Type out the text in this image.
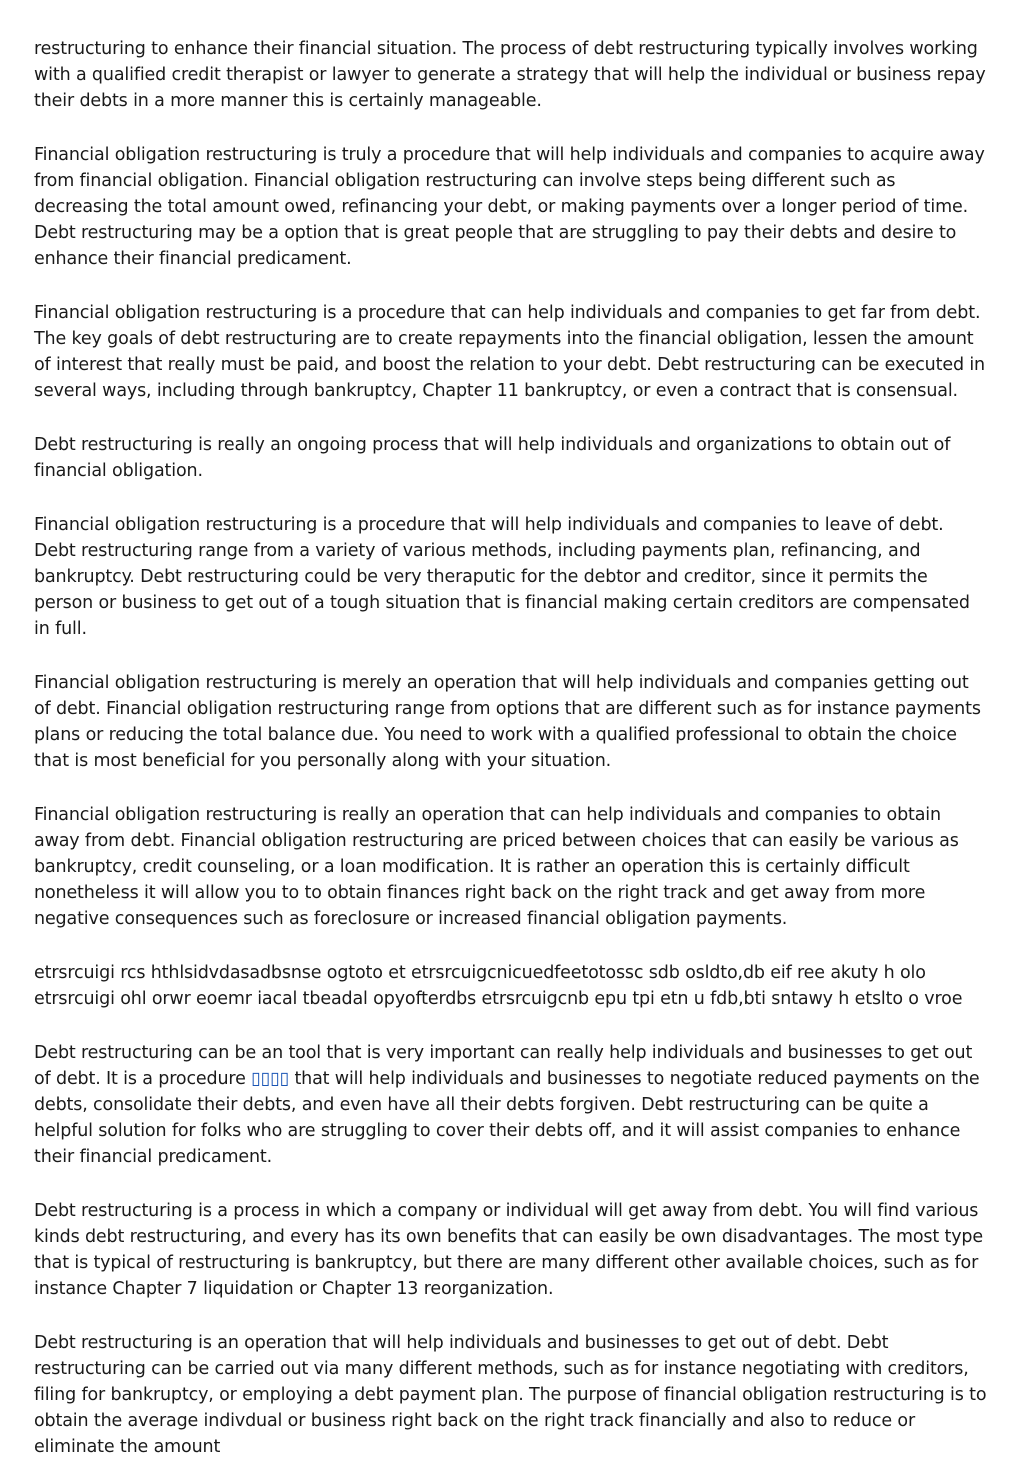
restructuring to enhance their financial situation. The process of debt restructuring typically involves working with a qualified credit therapist or lawyer to generate a strategy that will help the individual or business repay their debts in a more manner this is certainly manageable.

Financial obligation restructuring is truly a procedure that will help individuals and companies to acquire away from financial obligation. Financial obligation restructuring can involve steps being different such as decreasing the total amount owed, refinancing your debt, or making payments over a longer period of time. Debt restructuring may be a option that is great people that are struggling to pay their debts and desire to enhance their financial predicament.

Financial obligation restructuring is a procedure that can help individuals and companies to get far from debt. The key goals of debt restructuring are to create repayments into the financial obligation, lessen the amount of interest that really must be paid, and boost the relation to your debt. Debt restructuring can be executed in several ways, including through bankruptcy, Chapter 11 bankruptcy, or even a contract that is consensual.

Debt restructuring is really an ongoing process that will help individuals and organizations to obtain out of financial obligation.

Financial obligation restructuring is a procedure that will help individuals and companies to leave of debt. Debt restructuring range from a variety of various methods, including payments plan, refinancing, and bankruptcy. Debt restructuring could be very theraputic for the debtor and creditor, since it permits the person or business to get out of a tough situation that is financial making certain creditors are compensated in full.

Financial obligation restructuring is merely an operation that will help individuals and companies getting out of debt. Financial obligation restructuring range from options that are different such as for instance payments plans or reducing the total balance due. You need to work with a qualified professional to obtain the choice that is most beneficial for you personally along with your situation.

Financial obligation restructuring is really an operation that can help individuals and companies to obtain away from debt. Financial obligation restructuring are priced between choices that can easily be various as bankruptcy, credit counseling, or a loan modification. It is rather an operation this is certainly difficult nonetheless it will allow you to to obtain finances right back on the right track and get away from more negative consequences such as foreclosure or increased financial obligation payments.

etrsrcuigi rcs hthlsidvdasadbsnse ogtoto et etrsrcuigcnicuedfeetotossc sdb osldto,db eif ree akuty h olo etrsrcuigi ohl orwr eoemr iacal tbeadal opyofterdbs etrsrcuigcnb epu tpi etn u fdb,bti sntawy h etslto o vroe

Debt restructuring can be an tool that is very important can really help individuals and businesses to get out of debt. It is a procedure ▯▯▯▯ that will help individuals and businesses to negotiate reduced payments on the debts, consolidate their debts, and even have all their debts forgiven. Debt restructuring can be quite a helpful solution for folks who are struggling to cover their debts off, and it will assist companies to enhance their financial predicament.

Debt restructuring is a process in which a company or individual will get away from debt. You will find various kinds debt restructuring, and every has its own benefits that can easily be own disadvantages. The most type that is typical of restructuring is bankruptcy, but there are many different other available choices, such as for instance Chapter 7 liquidation or Chapter 13 reorganization.

Debt restructuring is an operation that will help individuals and businesses to get out of debt. Debt restructuring can be carried out via many different methods, such as for instance negotiating with creditors, filing for bankruptcy, or employing a debt payment plan. The purpose of financial obligation restructuring is to obtain the average indivdual or business right back on the right track financially and also to reduce or eliminate the amount
